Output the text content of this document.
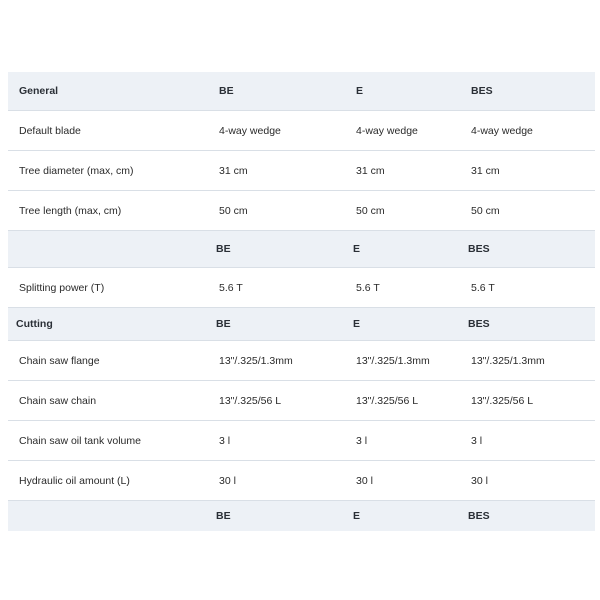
General	BE	E	BES
Default blade	4-way wedge	4-way wedge	4-way wedge
Tree diameter (max, cm)	31 cm	31 cm	31 cm
Tree length (max, cm)	50 cm	50 cm	50 cm
	BE	E	BES
Splitting power (T)	5.6 T	5.6 T	5.6 T
Cutting	BE	E	BES
Chain saw flange	13"/.325/1.3mm	13"/.325/1.3mm	13"/.325/1.3mm
Chain saw chain	13"/.325/56 L	13"/.325/56 L	13"/.325/56 L
Chain saw oil tank volume	3 l	3 l	3 l
Hydraulic oil amount (L)	30 l	30 l	30 l
	BE	E	BES
